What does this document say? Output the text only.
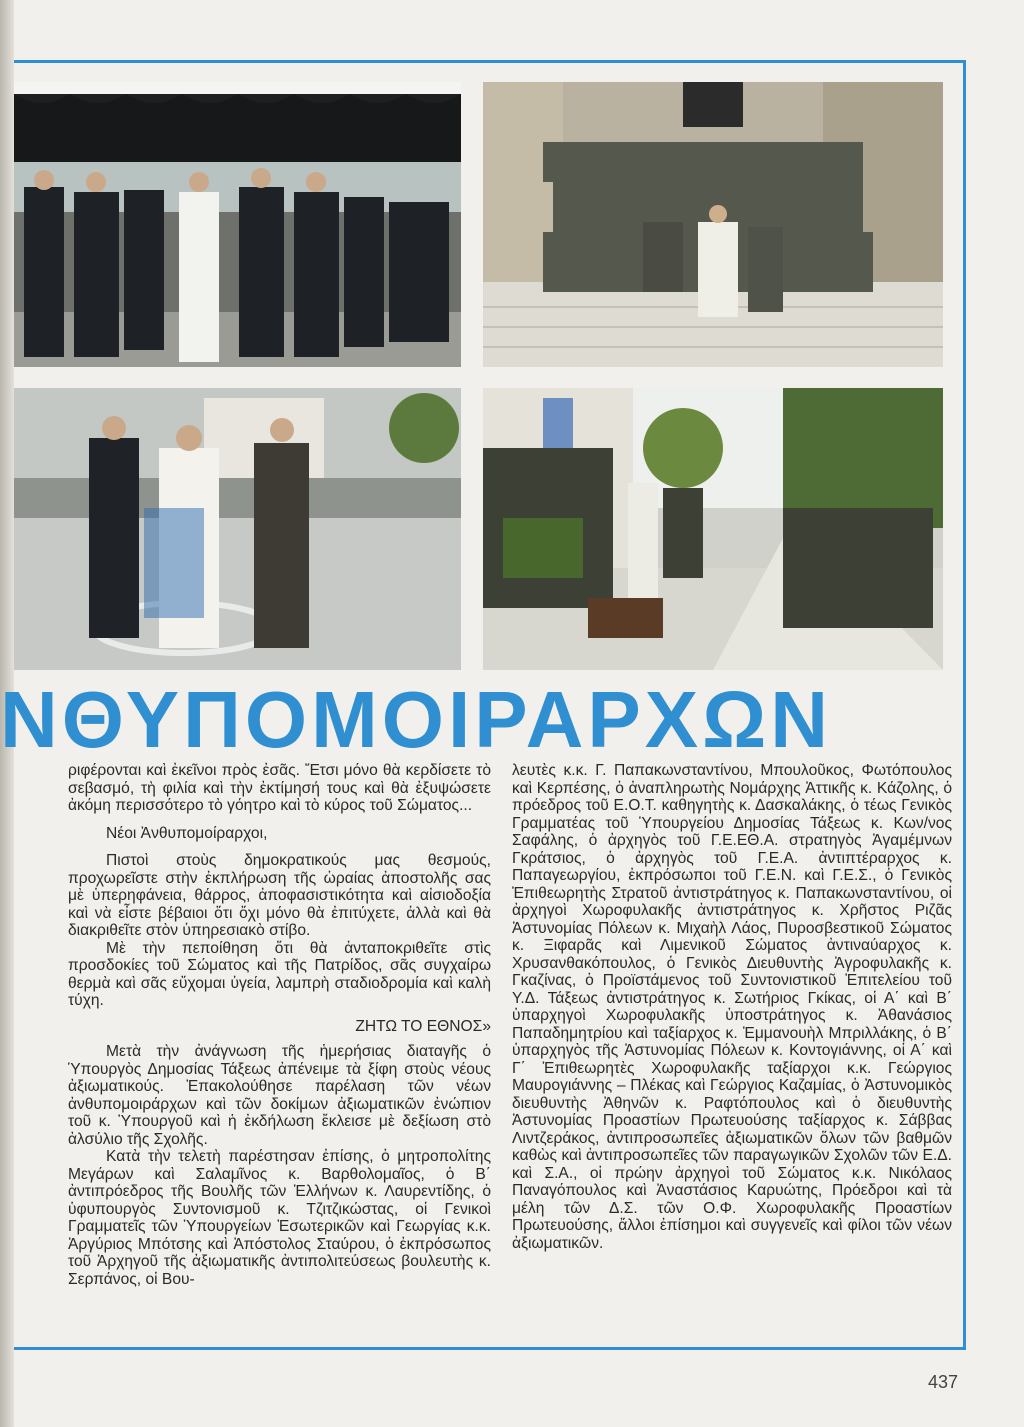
ΝΘΥΠΟΜΟΙΡΑΡΧΩΝ

ριφέρονται καὶ ἐκεῖνοι πρὸς ἐσᾶς. Ἔτσι μόνο θὰ κερδίσετε τὸ σεβασμό, τὴ φιλία καὶ τὴν ἐκτίμησή τους καὶ θὰ ἐξυψώσετε ἀκόμη περισσότερο τὸ γόητρο καὶ τὸ κύρος τοῦ Σώματος...

Νέοι Ἀνθυπομοίραρχοι,

Πιστοὶ στοὺς δημοκρατικούς μας θεσμούς, προχωρεῖστε στὴν ἐκπλήρωση τῆς ὡραίας ἀποστολῆς σας μὲ ὑπερηφάνεια, θάρρος, ἀποφασιστικότητα καὶ αἰσιοδοξία καὶ νὰ εἶστε βέβαιοι ὅτι ὄχι μόνο θὰ ἐπιτύχετε, ἀλλὰ καὶ θὰ διακριθεῖτε στὸν ὑπηρεσιακὸ στίβο.

Μὲ τὴν πεποίθηση ὅτι θὰ ἀνταποκριθεῖτε στὶς προσδοκίες τοῦ Σώματος καὶ τῆς Πατρίδος, σᾶς συγχαίρω θερμὰ καὶ σᾶς εὔχομαι ὑγεία, λαμπρὴ σταδιοδρομία καὶ καλὴ τύχη.

ΖΗΤΩ ΤΟ ΕΘΝΟΣ»

Μετὰ τὴν ἀνάγνωση τῆς ἡμερήσιας διαταγῆς ὁ Ὑπουργὸς Δημοσίας Τάξεως ἀπένειμε τὰ ξίφη στοὺς νέους ἀξιωματικούς. Ἐπακολούθησε παρέλαση τῶν νέων ἀνθυπομοιράρχων καὶ τῶν δοκίμων ἀξιωματικῶν ἐνώπιον τοῦ κ. Ὑπουργοῦ καὶ ἡ ἐκδήλωση ἔκλεισε μὲ δεξίωση στὸ ἀλσύλιο τῆς Σχολῆς.

Κατὰ τὴν τελετὴ παρέστησαν ἐπίσης, ὁ μητροπολίτης Μεγάρων καὶ Σαλαμῖνος κ. Βαρθολομαῖος, ὁ Β΄ ἀντιπρόεδρος τῆς Βουλῆς τῶν Ἑλλήνων κ. Λαυρεντίδης, ὁ ὑφυπουργὸς Συντονισμοῦ κ. Τζιτζικώστας, οἱ Γενικοὶ Γραμματεῖς τῶν Ὑπουργείων Ἐσωτερικῶν καὶ Γεωργίας κ.κ. Ἀργύριος Μπότσης καὶ Ἀπόστολος Σταύρου, ὁ ἐκπρόσωπος τοῦ Ἀρχηγοῦ τῆς ἀξιωματικῆς ἀντιπολιτεύσεως βουλευτὴς κ. Σερπάνος, οἱ Βου-

λευτὲς κ.κ. Γ. Παπακωνσταντίνου, Μπουλοῦκος, Φωτόπουλος καὶ Κερπέσης, ὁ ἀναπληρωτὴς Νομάρχης Ἀττικῆς κ. Κάζολης, ὁ πρόεδρος τοῦ Ε.Ο.Τ. καθηγητὴς κ. Δασκαλάκης, ὁ τέως Γενικὸς Γραμματέας τοῦ Ὑπουργείου Δημοσίας Τάξεως κ. Κων/νος Σαφάλης, ὁ ἀρχηγὸς τοῦ Γ.Ε.ΕΘ.Α. στρατηγὸς Ἀγαμέμνων Γκράτσιος, ὁ ἀρχηγὸς τοῦ Γ.Ε.Α. ἀντιπτέραρχος κ. Παπαγεωργίου, ἐκπρόσωποι τοῦ Γ.Ε.Ν. καὶ Γ.Ε.Σ., ὁ Γενικὸς Ἐπιθεωρητὴς Στρατοῦ ἀντιστράτηγος κ. Παπακωνσταντίνου, οἱ ἀρχηγοὶ Χωροφυλακῆς ἀντιστράτηγος κ. Χρῆστος Ριζᾶς Ἀστυνομίας Πόλεων κ. Μιχαὴλ Λάος, Πυροσβεστικοῦ Σώματος κ. Ξιφαρᾶς καὶ Λιμενικοῦ Σώματος ἀντιναύαρχος κ. Χρυσανθακόπουλος, ὁ Γενικὸς Διευθυντὴς Ἀγροφυλακῆς κ. Γκαζίνας, ὁ Προϊστάμενος τοῦ Συντονιστικοῦ Ἐπιτελείου τοῦ Υ.Δ. Τάξεως ἀντιστράτηγος κ. Σωτήριος Γκίκας, οἱ Α΄ καὶ Β΄ ὑπαρχηγοὶ Χωροφυλακῆς ὑποστράτηγος κ. Ἀθανάσιος Παπαδημητρίου καὶ ταξίαρχος κ. Ἐμμανουὴλ Μπριλλάκης, ὁ Β΄ ὑπαρχηγὸς τῆς Ἀστυνομίας Πόλεων κ. Κοντογιάννης, οἱ Α΄ καὶ Γ΄ Ἐπιθεωρητὲς Χωροφυλακῆς ταξίαρχοι κ.κ. Γεώργιος Μαυρογιάννης – Πλέκας καὶ Γεώργιος Καζαμίας, ὁ Ἀστυνομικὸς διευθυντὴς Ἀθηνῶν κ. Ραφτόπουλος καὶ ὁ διευθυντὴς Ἀστυνομίας Προαστίων Πρωτευούσης ταξίαρχος κ. Σάββας Λιντζεράκος, ἀντιπροσωπεῖες ἀξιωματικῶν ὅλων τῶν βαθμῶν καθὼς καὶ ἀντιπροσωπεῖες τῶν παραγωγικῶν Σχολῶν τῶν Ε.Δ. καὶ Σ.Α., οἱ πρώην ἀρχηγοὶ τοῦ Σώματος κ.κ. Νικόλαος Παναγόπουλος καὶ Ἀναστάσιος Καρυώτης, Πρόεδροι καὶ τὰ μέλη τῶν Δ.Σ. τῶν Ο.Φ. Χωροφυλακῆς Προαστίων Πρωτευούσης, ἄλλοι ἐπίσημοι καὶ συγγενεῖς καὶ φίλοι τῶν νέων ἀξιωματικῶν.

437
